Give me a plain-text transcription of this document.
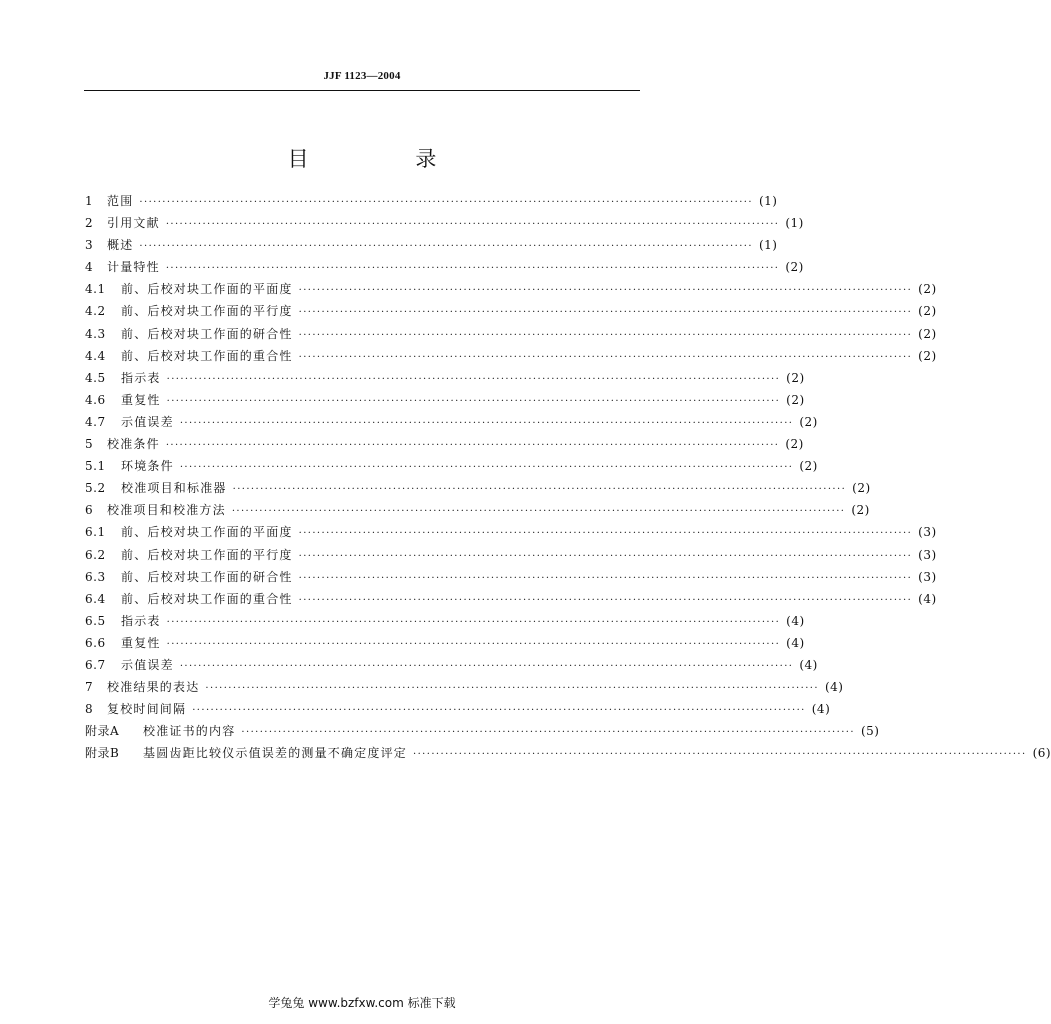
JJF 1123—2004
目 录
1	范围 ······································································································································ (1)
2	引用文献 ······································································································································ (1)
3	概述 ······································································································································ (1)
4	计量特性 ······································································································································ (2)
4.1	前、后校对块工作面的平面度 ······································································································································ (2)
4.2	前、后校对块工作面的平行度 ······································································································································ (2)
4.3	前、后校对块工作面的研合性 ······································································································································ (2)
4.4	前、后校对块工作面的重合性 ······································································································································ (2)
4.5	指示表 ······································································································································ (2)
4.6	重复性 ······································································································································ (2)
4.7	示值误差 ······································································································································ (2)
5	校准条件 ······································································································································ (2)
5.1	环境条件 ······································································································································ (2)
5.2	校准项目和标准器 ······································································································································ (2)
6	校准项目和校准方法 ······································································································································ (2)
6.1	前、后校对块工作面的平面度 ······································································································································ (3)
6.2	前、后校对块工作面的平行度 ······································································································································ (3)
6.3	前、后校对块工作面的研合性 ······································································································································ (3)
6.4	前、后校对块工作面的重合性 ······································································································································ (4)
6.5	指示表 ······································································································································ (4)
6.6	重复性 ······································································································································ (4)
6.7	示值误差 ······································································································································ (4)
7	校准结果的表达 ······································································································································ (4)
8	复校时间间隔 ······································································································································ (4)
附录A	校准证书的内容 ······································································································································ (5)
附录B	基圆齿距比较仪示值误差的测量不确定度评定 ······································································································································ (6)
学兔兔 www.bzfxw.com 标准下载
